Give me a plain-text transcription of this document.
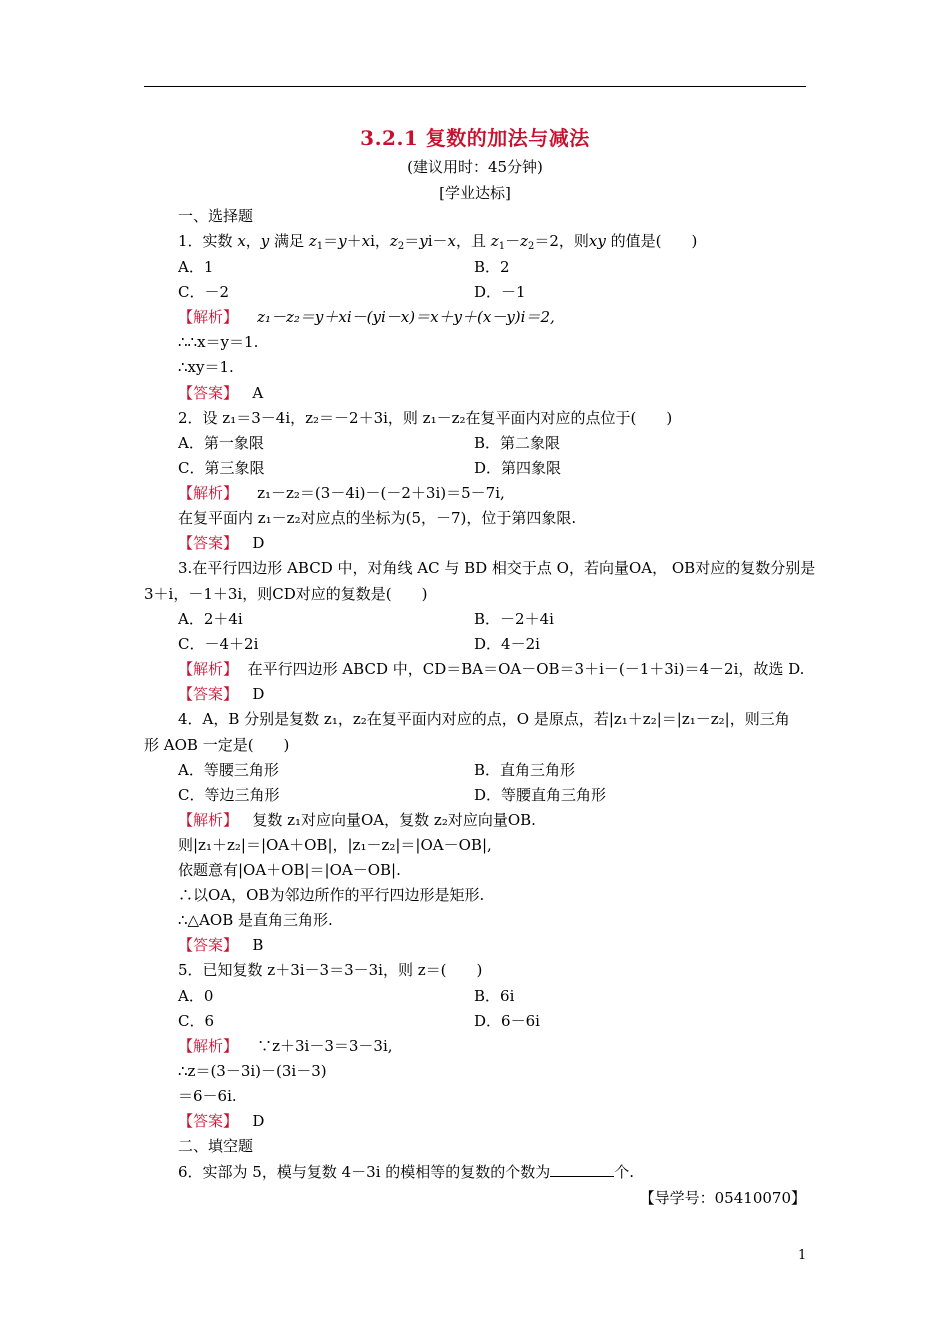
3.2.1 复数的加法与减法
(建议用时：45分钟)
[学业达标]
一、选择题
1．实数 x，y 满足 $z_1=y+xi$，$z_2=yi-x$，且 $z_1-z_2=2$，则xy 的值是(　　)
A．1	B．2
C．－2	D．－1
【解析】 z₁－z₂＝y＋xi－(yi－x)＝x＋y＋(x－y)i＝2,
∴∴x＝y＝1.
∴xy＝1.
【答案】 A
2．设 z₁＝3－4i，z₂＝－2＋3i，则 z₁－z₂在复平面内对应的点位于(　　)
A．第一象限	B．第二象限
C．第三象限	D．第四象限
【解析】 z₁－z₂＝(3－4i)－(－2＋3i)＝5－7i,
在复平面内 z₁－z₂对应点的坐标为(5，－7)，位于第四象限.
【答案】 D
3.在平行四边形 ABCD 中，对角线 AC 与 BD 相交于点 O，若向量OA， OB对应的复数分别是
3＋i，－1＋3i，则CD对应的复数是(　　)
A．2＋4i	B．－2＋4i
C．－4＋2i	D．4－2i
【解析】 在平行四边形 ABCD 中，CD＝BA＝OA－OB＝3＋i－(－1＋3i)＝4－2i，故选 D.
【答案】 D
4．A，B 分别是复数 z₁，z₂在复平面内对应的点，O 是原点，若|z₁＋z₂|＝|z₁－z₂|，则三角
形 AOB 一定是(　　)
A．等腰三角形	B．直角三角形
C．等边三角形	D．等腰直角三角形
【解析】 复数 z₁对应向量OA，复数 z₂对应向量OB.
则|z₁＋z₂|＝|OA＋OB|，|z₁－z₂|＝|OA－OB|,
依题意有|OA＋OB|＝|OA－OB|.
∴以OA，OB为邻边所作的平行四边形是矩形.
∴△AOB 是直角三角形.
【答案】 B
5．已知复数 z＋3i－3＝3－3i，则 z＝(　　)
A．0	B．6i
C．6	D．6－6i
【解析】 ∵z＋3i－3＝3－3i,
∴z＝(3－3i)－(3i－3)
＝6－6i.
【答案】 D
二、填空题
6．实部为 5，模与复数 4－3i 的模相等的复数的个数为	个.
【导学号：05410070】
1
